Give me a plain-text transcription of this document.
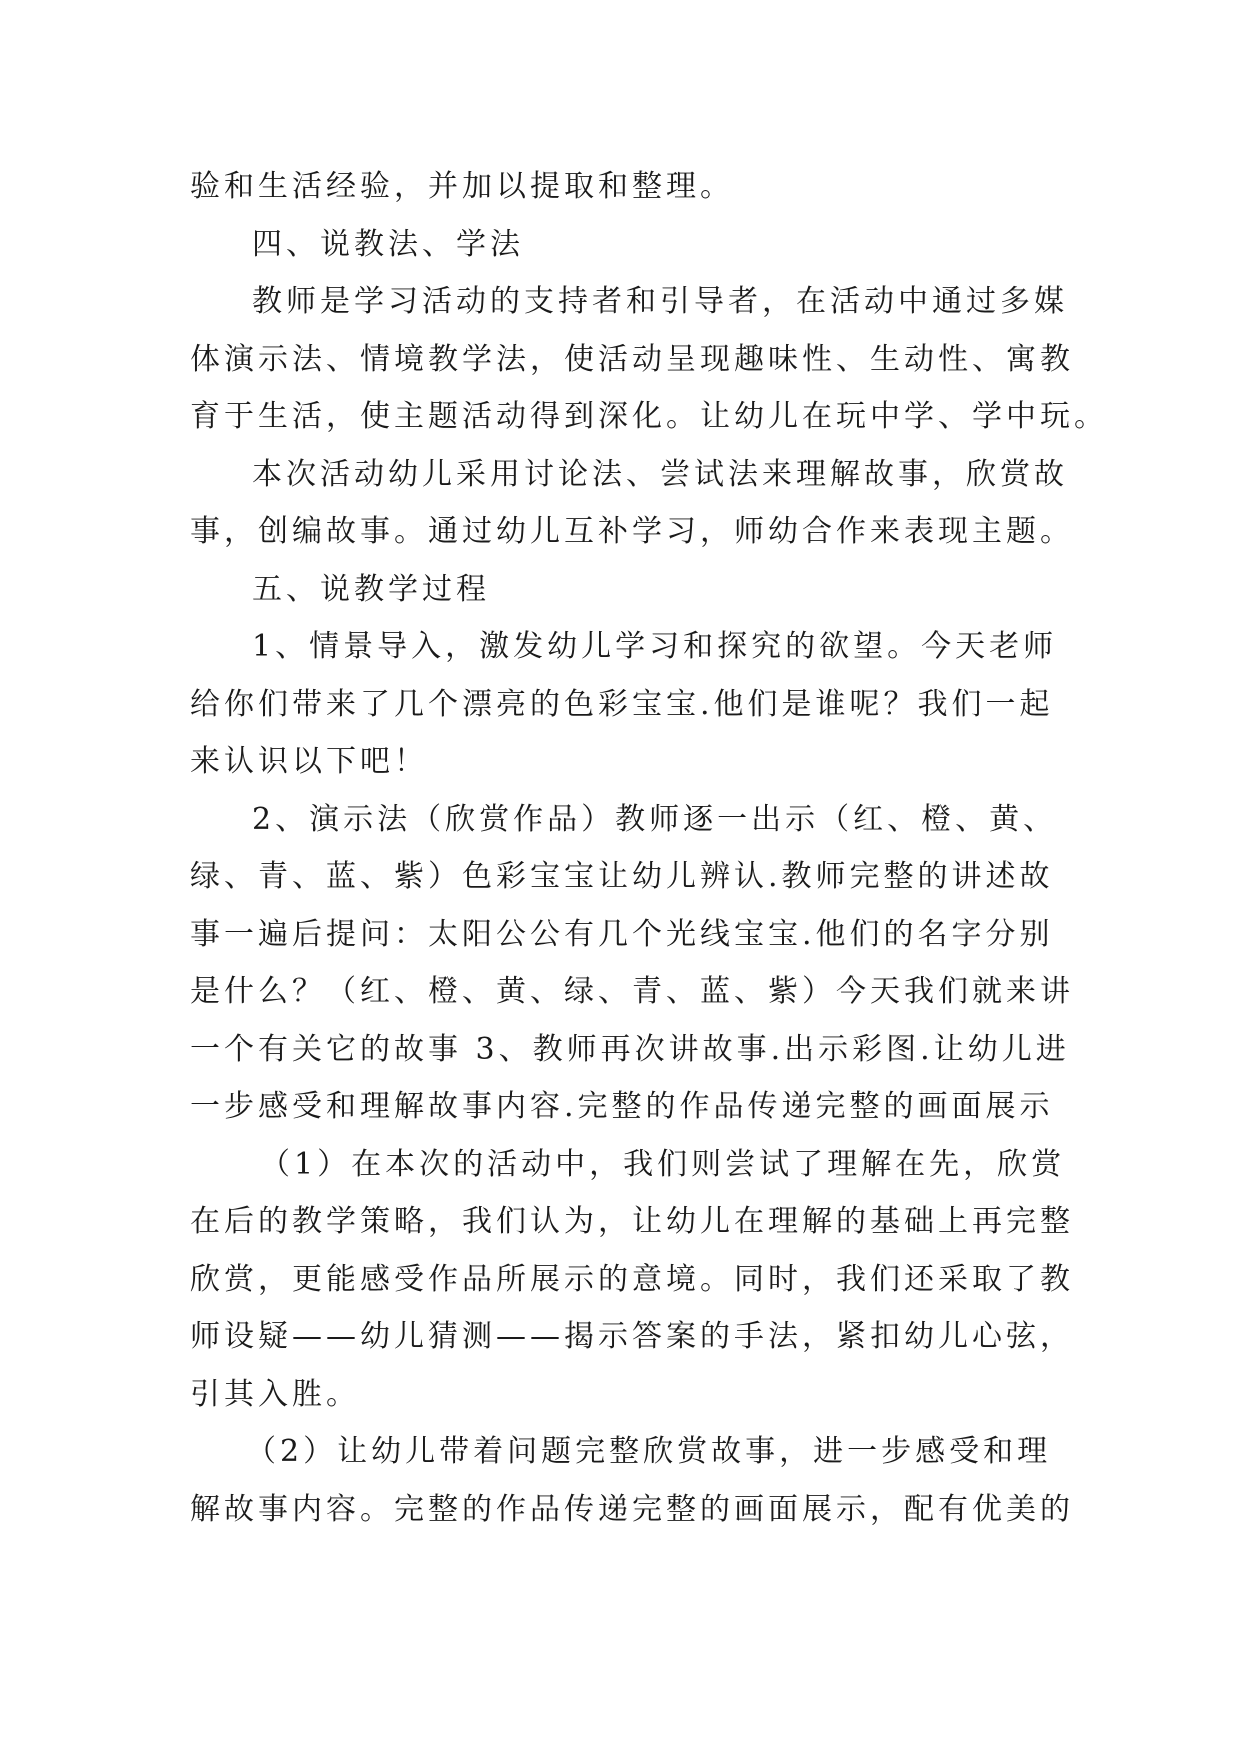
验和生活经验，并加以提取和整理。
四、说教法、学法
教师是学习活动的支持者和引导者，在活动中通过多媒
体演示法、情境教学法，使活动呈现趣味性、生动性、寓教
育于生活，使主题活动得到深化。让幼儿在玩中学、学中玩。
本次活动幼儿采用讨论法、尝试法来理解故事，欣赏故
事，创编故事。通过幼儿互补学习，师幼合作来表现主题。
五、说教学过程
1、情景导入，激发幼儿学习和探究的欲望。今天老师
给你们带来了几个漂亮的色彩宝宝.他们是谁呢？我们一起
来认识以下吧！
2、演示法（欣赏作品）教师逐一出示（红、橙、黄、
绿、青、蓝、紫）色彩宝宝让幼儿辨认.教师完整的讲述故
事一遍后提问：太阳公公有几个光线宝宝.他们的名字分别
是什么？（红、橙、黄、绿、青、蓝、紫）今天我们就来讲
一个有关它的故事 3、教师再次讲故事.出示彩图.让幼儿进
一步感受和理解故事内容.完整的作品传递完整的画面展示
（1）在本次的活动中，我们则尝试了理解在先，欣赏
在后的教学策略，我们认为，让幼儿在理解的基础上再完整
欣赏，更能感受作品所展示的意境。同时，我们还采取了教
师设疑——幼儿猜测——揭示答案的手法，紧扣幼儿心弦，
引其入胜。
（2）让幼儿带着问题完整欣赏故事，进一步感受和理
解故事内容。完整的作品传递完整的画面展示，配有优美的
